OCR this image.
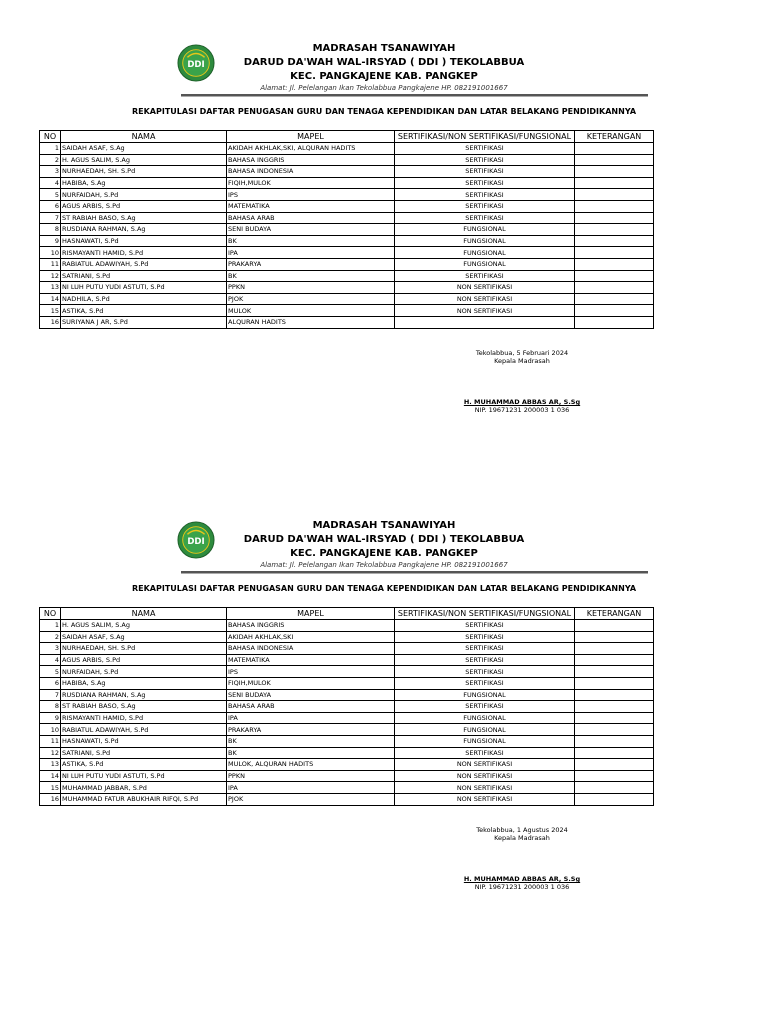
DDI
MADRASAH TSANAWIYAH
DARUD DA'WAH WAL-IRSYAD ( DDI ) TEKOLABBUA
KEC. PANGKAJENE KAB. PANGKEP
Alamat: Jl. Pelelangan Ikan Tekolabbua Pangkajene HP. 082191001667
REKAPITULASI DAFTAR PENUGASAN GURU DAN TENAGA KEPENDIDIKAN DAN LATAR BELAKANG PENDIDIKANNYA
NO	NAMA	MAPEL	SERTIFIKASI/NON SERTIFIKASI/FUNGSIONAL	KETERANGAN
1	SAIDAH ASAF, S.Ag	AKIDAH AKHLAK,SKI, ALQURAN HADITS	SERTIFIKASI	
2	H. AGUS SALIM, S.Ag	BAHASA INGGRIS	SERTIFIKASI	
3	NURHAEDAH, SH. S.Pd	BAHASA INDONESIA	SERTIFIKASI	
4	HABIBA, S.Ag	FIQIH,MULOK	SERTIFIKASI	
5	NURFAIDAH, S.Pd	IPS	SERTIFIKASI	
6	AGUS ARBIS, S.Pd	MATEMATIKA	SERTIFIKASI	
7	ST RABIAH BASO, S.Ag	BAHASA ARAB	SERTIFIKASI	
8	RUSDIANA RAHMAN, S.Ag	SENI BUDAYA	FUNGSIONAL	
9	HASNAWATI, S.Pd	BK	FUNGSIONAL	
10	RISMAYANTI HAMID, S.Pd	IPA	FUNGSIONAL	
11	RABIATUL ADAWIYAH, S.Pd	PRAKARYA	FUNGSIONAL	
12	SATRIANI, S.Pd	BK	SERTIFIKASI	
13	NI LUH PUTU YUDI ASTUTI, S.Pd	PPKN	NON SERTIFIKASI	
14	NADHILA, S.Pd	PJOK	NON SERTIFIKASI	
15	ASTIKA, S.Pd	MULOK	NON SERTIFIKASI	
16	SURIYANA J AR, S.Pd	ALQURAN HADITS		
Tekolabbua, 5 Februari 2024
Kepala Madrasah
H. MUHAMMAD ABBAS AR, S.Sg
NIP. 19671231 200003 1 036
DDI
MADRASAH TSANAWIYAH
DARUD DA'WAH WAL-IRSYAD ( DDI ) TEKOLABBUA
KEC. PANGKAJENE KAB. PANGKEP
Alamat: Jl. Pelelangan Ikan Tekolabbua Pangkajene HP. 082191001667
REKAPITULASI DAFTAR PENUGASAN GURU DAN TENAGA KEPENDIDIKAN DAN LATAR BELAKANG PENDIDIKANNYA
NO	NAMA	MAPEL	SERTIFIKASI/NON SERTIFIKASI/FUNGSIONAL	KETERANGAN
1	H. AGUS SALIM, S.Ag	BAHASA INGGRIS	SERTIFIKASI	
2	SAIDAH ASAF, S.Ag	AKIDAH AKHLAK,SKI	SERTIFIKASI	
3	NURHAEDAH, SH. S.Pd	BAHASA INDONESIA	SERTIFIKASI	
4	AGUS ARBIS, S.Pd	MATEMATIKA	SERTIFIKASI	
5	NURFAIDAH, S.Pd	IPS	SERTIFIKASI	
6	HABIBA, S.Ag	FIQIH,MULOK	SERTIFIKASI	
7	RUSDIANA RAHMAN, S.Ag	SENI BUDAYA	FUNGSIONAL	
8	ST RABIAH BASO, S.Ag	BAHASA ARAB	SERTIFIKASI	
9	RISMAYANTI HAMID, S.Pd	IPA	FUNGSIONAL	
10	RABIATUL ADAWIYAH, S.Pd	PRAKARYA	FUNGSIONAL	
11	HASNAWATI, S.Pd	BK	FUNGSIONAL	
12	SATRIANI, S.Pd	BK	SERTIFIKASI	
13	ASTIKA, S.Pd	MULOK, ALQURAN HADITS	NON SERTIFIKASI	
14	NI LUH PUTU YUDI ASTUTI, S.Pd	PPKN	NON SERTIFIKASI	
15	MUHAMMAD JABBAR, S.Pd	IPA	NON SERTIFIKASI	
16	MUHAMMAD FATUR ABUKHAIR RIFQI, S.Pd	PJOK	NON SERTIFIKASI	
Tekolabbua, 1 Agustus 2024
Kepala Madrasah
H. MUHAMMAD ABBAS AR, S.Sg
NIP. 19671231 200003 1 036
